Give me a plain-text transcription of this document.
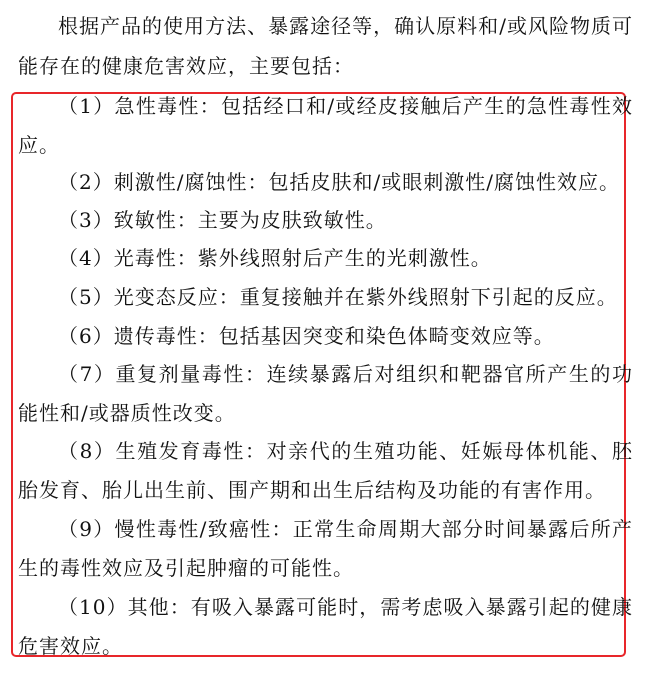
根据产品的使用方法、暴露途径等，确认原料和/或风险物质可能存在的健康危害效应，主要包括：

（1）急性毒性：包括经口和/或经皮接触后产生的急性毒性效应。

（2）刺激性/腐蚀性：包括皮肤和/或眼刺激性/腐蚀性效应。

（3）致敏性：主要为皮肤致敏性。

（4）光毒性：紫外线照射后产生的光刺激性。

（5）光变态反应：重复接触并在紫外线照射下引起的反应。

（6）遗传毒性：包括基因突变和染色体畸变效应等。

（7）重复剂量毒性：连续暴露后对组织和靶器官所产生的功能性和/或器质性改变。

（8）生殖发育毒性：对亲代的生殖功能、妊娠母体机能、胚胎发育、胎儿出生前、围产期和出生后结构及功能的有害作用。

（9）慢性毒性/致癌性：正常生命周期大部分时间暴露后所产生的毒性效应及引起肿瘤的可能性。

（10）其他：有吸入暴露可能时，需考虑吸入暴露引起的健康危害效应。
